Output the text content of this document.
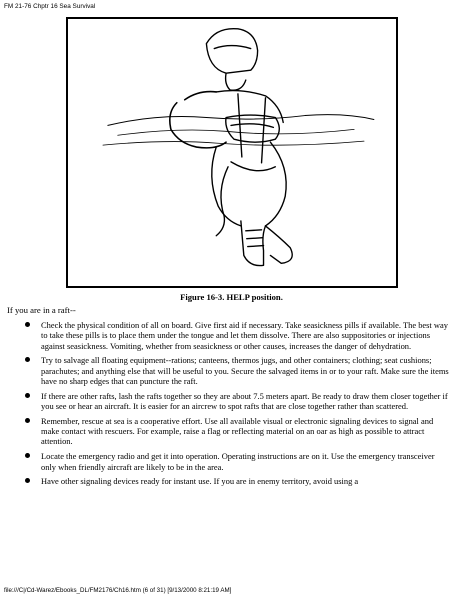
FM 21-76 Chptr 16 Sea Survival
Figure 16-3. HELP position.
If you are in a raft--
Check the physical condition of all on board. Give first aid if necessary. Take seasickness pills if available. The best way to take these pills is to place them under the tongue and let them dissolve. There are also suppositories or injections against seasickness. Vomiting, whether from seasickness or other causes, increases the danger of dehydration.
Try to salvage all floating equipment--rations; canteens, thermos jugs, and other containers; clothing; seat cushions; parachutes; and anything else that will be useful to you. Secure the salvaged items in or to your raft. Make sure the items have no sharp edges that can puncture the raft.
If there are other rafts, lash the rafts together so they are about 7.5 meters apart. Be ready to draw them closer together if you see or hear an aircraft. It is easier for an aircrew to spot rafts that are close together rather than scattered.
Remember, rescue at sea is a cooperative effort. Use all available visual or electronic signaling devices to signal and make contact with rescuers. For example, raise a flag or reflecting material on an oar as high as possible to attract attention.
Locate the emergency radio and get it into operation. Operating instructions are on it. Use the emergency transceiver only when friendly aircraft are likely to be in the area.
Have other signaling devices ready for instant use. If you are in enemy territory, avoid using a
file:///C|/Cd-Warez/Ebooks_DL/FM2176/Ch16.htm (6 of 31) [9/13/2000 8:21:19 AM]
